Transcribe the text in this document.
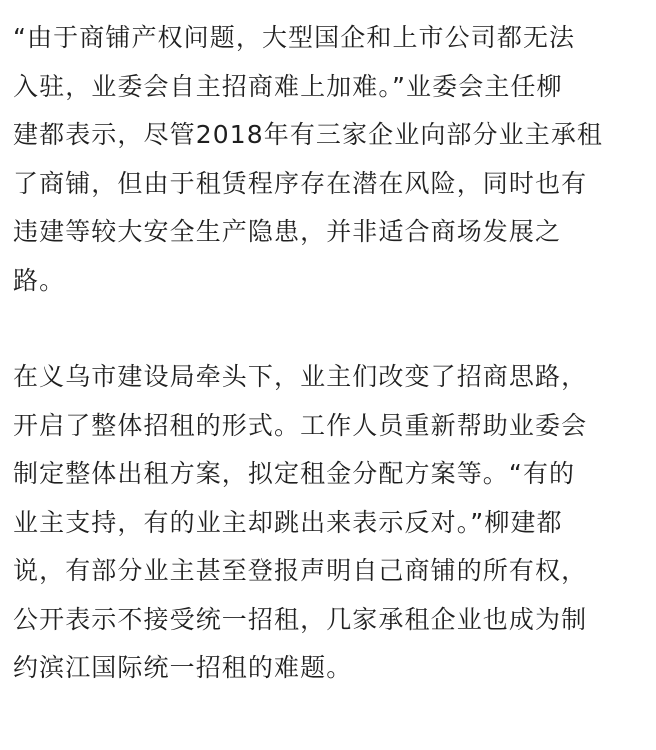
“由于商铺产权问题，大型国企和上市公司都无法
入驻，业委会自主招商难上加难。”业委会主任柳
建都表示，尽管2018年有三家企业向部分业主承租
了商铺，但由于租赁程序存在潜在风险，同时也有
违建等较大安全生产隐患，并非适合商场发展之
路。

在义乌市建设局牵头下，业主们改变了招商思路，
开启了整体招租的形式。工作人员重新帮助业委会
制定整体出租方案，拟定租金分配方案等。“有的
业主支持，有的业主却跳出来表示反对。”柳建都
说，有部分业主甚至登报声明自己商铺的所有权，
公开表示不接受统一招租，几家承租企业也成为制
约滨江国际统一招租的难题。
